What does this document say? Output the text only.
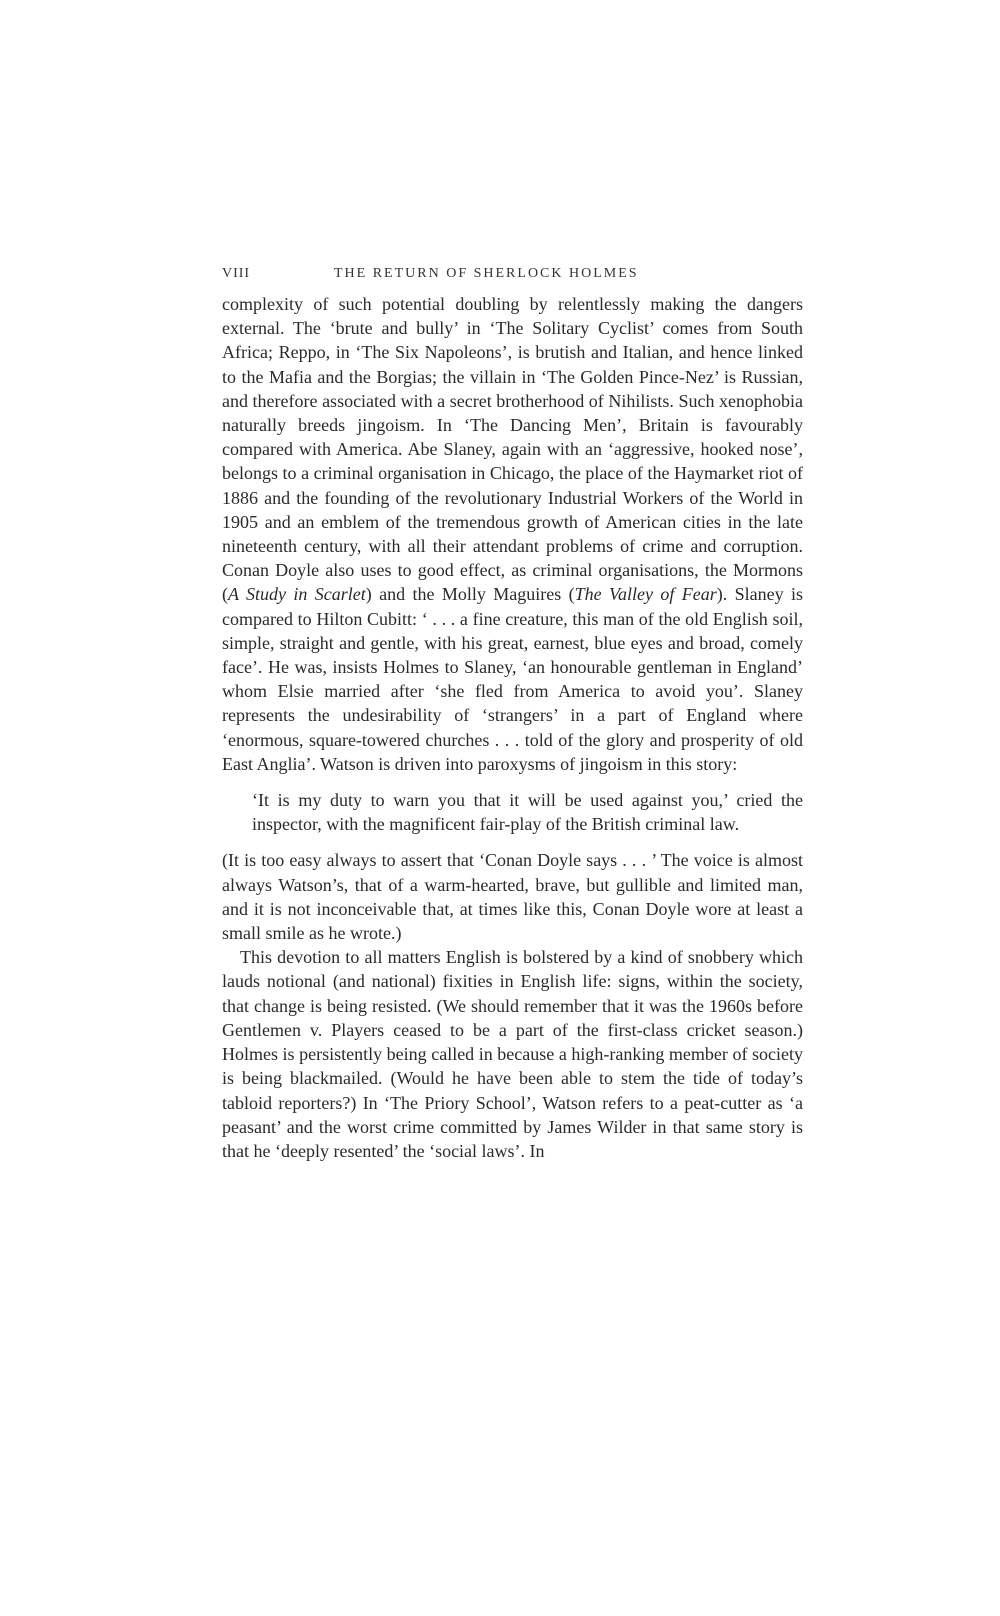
VIII	THE RETURN OF SHERLOCK HOLMES

complexity of such potential doubling by relentlessly making the dangers external. The ‘brute and bully’ in ‘The Solitary Cyclist’ comes from South Africa; Reppo, in ‘The Six Napoleons’, is brutish and Italian, and hence linked to the Mafia and the Borgias; the villain in ‘The Golden Pince-Nez’ is Russian, and therefore associated with a secret brotherhood of Nihilists. Such xenophobia naturally breeds jingoism. In ‘The Dancing Men’, Britain is favourably compared with America. Abe Slaney, again with an ‘aggressive, hooked nose’, belongs to a criminal organisation in Chicago, the place of the Haymarket riot of 1886 and the founding of the revolutionary Industrial Workers of the World in 1905 and an emblem of the tremendous growth of American cities in the late nineteenth century, with all their attendant problems of crime and corruption. Conan Doyle also uses to good effect, as criminal organisations, the Mormons (A Study in Scarlet) and the Molly Maguires (The Valley of Fear). Slaney is compared to Hilton Cubitt: ‘ . . . a fine creature, this man of the old English soil, simple, straight and gentle, with his great, earnest, blue eyes and broad, comely face’. He was, insists Holmes to Slaney, ‘an honourable gentleman in England’ whom Elsie married after ‘she fled from America to avoid you’. Slaney represents the undesirability of ‘strangers’ in a part of England where ‘enormous, square-towered churches . . . told of the glory and prosperity of old East Anglia’. Watson is driven into paroxysms of jingoism in this story:

‘It is my duty to warn you that it will be used against you,’ cried the inspector, with the magnificent fair-play of the British criminal law.

(It is too easy always to assert that ‘Conan Doyle says . . . ’ The voice is almost always Watson’s, that of a warm-hearted, brave, but gullible and limited man, and it is not inconceivable that, at times like this, Conan Doyle wore at least a small smile as he wrote.)

This devotion to all matters English is bolstered by a kind of snobbery which lauds notional (and national) fixities in English life: signs, within the society, that change is being resisted. (We should remember that it was the 1960s before Gentlemen v. Players ceased to be a part of the first-class cricket season.) Holmes is persistently being called in because a high-ranking member of society is being blackmailed. (Would he have been able to stem the tide of today’s tabloid reporters?) In ‘The Priory School’, Watson refers to a peat-cutter as ‘a peasant’ and the worst crime committed by James Wilder in that same story is that he ‘deeply resented’ the ‘social laws’. In
